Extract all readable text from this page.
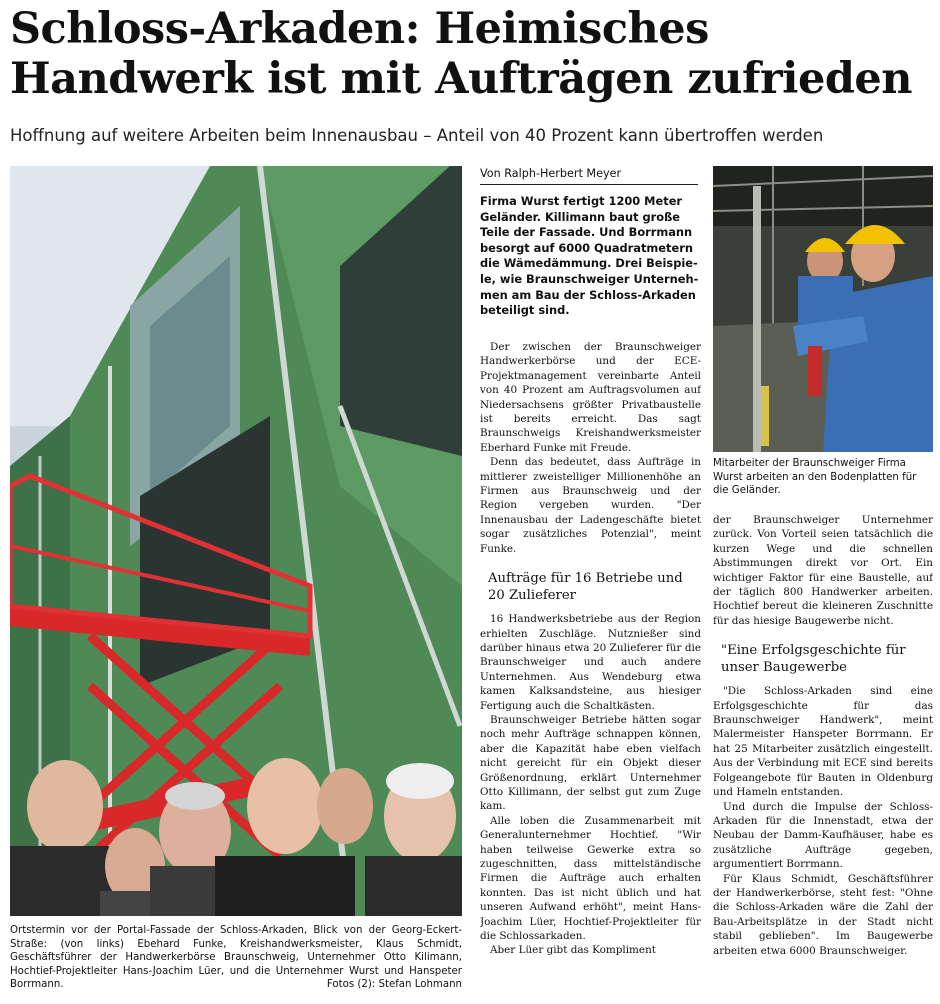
Schloss-Arkaden: Heimisches
Handwerk ist mit Aufträgen zufrieden

Hoffnung auf weitere Arbeiten beim Innenausbau – Anteil von 40 Prozent kann übertroffen werden

Ortstermin vor der Portal-Fassade der Schloss-Arkaden, Blick von der Georg-Eckert-Straße: (von links) Ebehard Funke, Kreishandwerksmeister, Klaus Schmidt, Geschäftsführer der Handwerkerbörse Braunschweig, Unternehmer Otto Kilimann, Hochtief-Projektleiter Hans-Joachim Lüer, und die Unternehmer Wurst und Hanspeter Borrmann.	Fotos (2): Stefan Lohmann

Von Ralph-Herbert Meyer

Firma Wurst fertigt 1200 Meter
Geländer. Killimann baut große
Teile der Fassade. Und Borrmann
besorgt auf 6000 Quadratmetern
die Wämedämmung. Drei Beispie-
le, wie Braunschweiger Unterneh-
men am Bau der Schloss-Arkaden
beteiligt sind.

Der zwischen der Braunschweiger Handwerkerbörse und der ECE-Projektmanagement vereinbarte Anteil von 40 Prozent am Auftragsvolumen auf Niedersachsens größter Privatbaustelle ist bereits erreicht. Das sagt Braunschweigs Kreishandwerksmeister Eberhard Funke mit Freude.

Denn das bedeutet, dass Aufträge in mittlerer zweistelliger Millionenhöhe an Firmen aus Braunschweig und der Region vergeben wurden. "Der Innenausbau der Ladengeschäfte bietet sogar zusätzliches Potenzial", meint Funke.

Aufträge für 16 Betriebe und 20 Zulieferer

16 Handwerksbetriebe aus der Region erhielten Zuschläge. Nutznießer sind darüber hinaus etwa 20 Zulieferer für die Braunschweiger und auch andere Unternehmen. Aus Wendeburg etwa kamen Kalksandsteine, aus hiesiger Fertigung auch die Schaltkästen.

Braunschweiger Betriebe hätten sogar noch mehr Aufträge schnappen können, aber die Kapazität habe eben vielfach nicht gereicht für ein Objekt dieser Größenordnung, erklärt Unternehmer Otto Killimann, der selbst gut zum Zuge kam.

Alle loben die Zusammenarbeit mit Generalunternehmer Hochtief. "Wir haben teilweise Gewerke extra so zugeschnitten, dass mittelständische Firmen die Aufträge auch erhalten konnten. Das ist nicht üblich und hat unseren Aufwand erhöht", meint Hans-Joachim Lüer, Hochtief-Projektleiter für die Schlossarkaden.

Aber Lüer gibt das Kompliment

Mitarbeiter der Braunschweiger Firma Wurst arbeiten an den Bodenplatten für die Geländer.

der Braunschweiger Unternehmer zurück. Von Vorteil seien tatsächlich die kurzen Wege und die schnellen Abstimmungen direkt vor Ort. Ein wichtiger Faktor für eine Baustelle, auf der täglich 800 Handwerker arbeiten. Hochtief bereut die kleineren Zuschnitte für das hiesige Baugewerbe nicht.

"Eine Erfolgsgeschichte für unser Baugewerbe

"Die Schloss-Arkaden sind eine Erfolgsgeschichte für das Braunschweiger Handwerk", meint Malermeister Hanspeter Borrmann. Er hat 25 Mitarbeiter zusätzlich eingestellt. Aus der Verbindung mit ECE sind bereits Folgeangebote für Bauten in Oldenburg und Hameln entstanden.

Und durch die Impulse der Schloss-Arkaden für die Innenstadt, etwa der Neubau der Damm-Kaufhäuser, habe es zusätzliche Aufträge gegeben, argumentiert Borrmann.

Für Klaus Schmidt, Geschäftsführer der Handwerkerbörse, steht fest: "Ohne die Schloss-Arkaden wäre die Zahl der Bau-Arbeitsplätze in der Stadt nicht stabil geblieben". Im Baugewerbe arbeiten etwa 6000 Braunschweiger.
